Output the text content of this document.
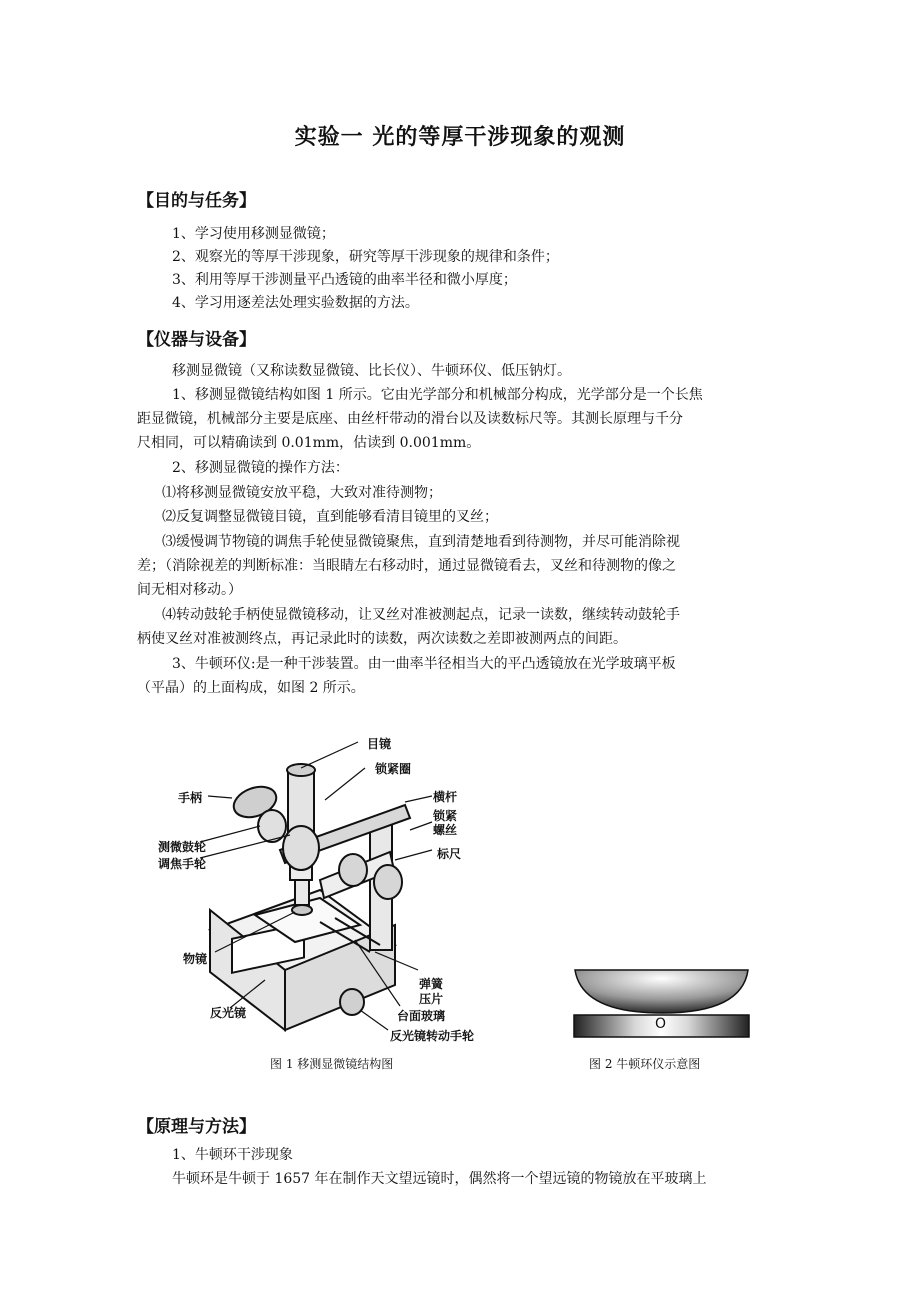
实验一 光的等厚干涉现象的观测
【目的与任务】
1、学习使用移测显微镜；
2、观察光的等厚干涉现象，研究等厚干涉现象的规律和条件；
3、利用等厚干涉测量平凸透镜的曲率半径和微小厚度；
4、学习用逐差法处理实验数据的方法。
【仪器与设备】
移测显微镜（又称读数显微镜、比长仪）、牛顿环仪、低压钠灯。
1、移测显微镜结构如图 1 所示。它由光学部分和机械部分构成，光学部分是一个长焦
距显微镜，机械部分主要是底座、由丝杆带动的滑台以及读数标尺等。其测长原理与千分
尺相同，可以精确读到 0.01mm，估读到 0.001mm。
2、移测显微镜的操作方法：
⑴将移测显微镜安放平稳，大致对准待测物；
⑵反复调整显微镜目镜，直到能够看清目镜里的叉丝；
⑶缓慢调节物镜的调焦手轮使显微镜聚焦，直到清楚地看到待测物，并尽可能消除视
差；（消除视差的判断标准：当眼睛左右移动时，通过显微镜看去，叉丝和待测物的像之
间无相对移动。）
⑷转动鼓轮手柄使显微镜移动，让叉丝对准被测起点，记录一读数，继续转动鼓轮手
柄使叉丝对准被测终点，再记录此时的读数，两次读数之差即被测两点的间距。
3、牛顿环仪:是一种干涉装置。由一曲率半径相当大的平凸透镜放在光学玻璃平板
（平晶）的上面构成，如图 2 所示。
目镜
锁紧圈
手柄	横杆
锁紧
螺丝
测微鼓轮	标尺
调焦手轮
物镜
弹簧
压片
反光镜	台面玻璃
反光镜转动手轮
图 1 移测显微镜结构图
O
图 2 牛顿环仪示意图
【原理与方法】
1、牛顿环干涉现象
牛顿环是牛顿于 1657 年在制作天文望远镜时，偶然将一个望远镜的物镜放在平玻璃上
